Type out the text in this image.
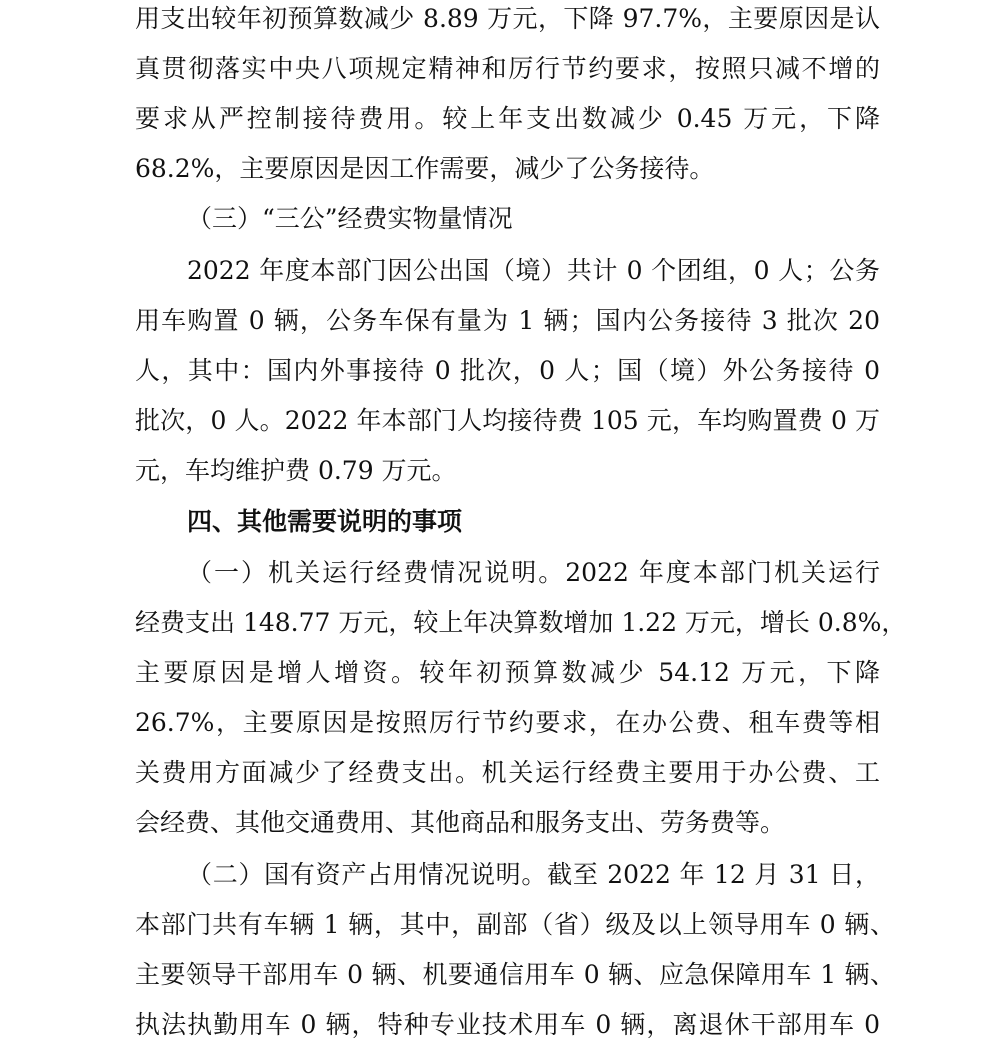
用支出较年初预算数减少 8.89 万元，下降 97.7%，主要原因是认
真贯彻落实中央八项规定精神和厉行节约要求，按照只减不增的
要求从严控制接待费用。较上年支出数减少 0.45 万元，下降
68.2%，主要原因是因工作需要，减少了公务接待。
（三）“三公”经费实物量情况
2022 年度本部门因公出国（境）共计 0 个团组，0 人；公务
用车购置 0 辆，公务车保有量为 1 辆；国内公务接待 3 批次 20
人，其中：国内外事接待 0 批次，0 人；国（境）外公务接待 0
批次，0 人。2022 年本部门人均接待费 105 元，车均购置费 0 万
元，车均维护费 0.79 万元。
四、其他需要说明的事项
（一）机关运行经费情况说明。2022 年度本部门机关运行
经费支出 148.77 万元，较上年决算数增加 1.22 万元，增长 0.8%，
主要原因是增人增资。较年初预算数减少 54.12 万元，下降
26.7%，主要原因是按照厉行节约要求，在办公费、租车费等相
关费用方面减少了经费支出。机关运行经费主要用于办公费、工
会经费、其他交通费用、其他商品和服务支出、劳务费等。
（二）国有资产占用情况说明。截至 2022 年 12 月 31 日，
本部门共有车辆 1 辆，其中，副部（省）级及以上领导用车 0 辆、
主要领导干部用车 0 辆、机要通信用车 0 辆、应急保障用车 1 辆、
执法执勤用车 0 辆，特种专业技术用车 0 辆，离退休干部用车 0
